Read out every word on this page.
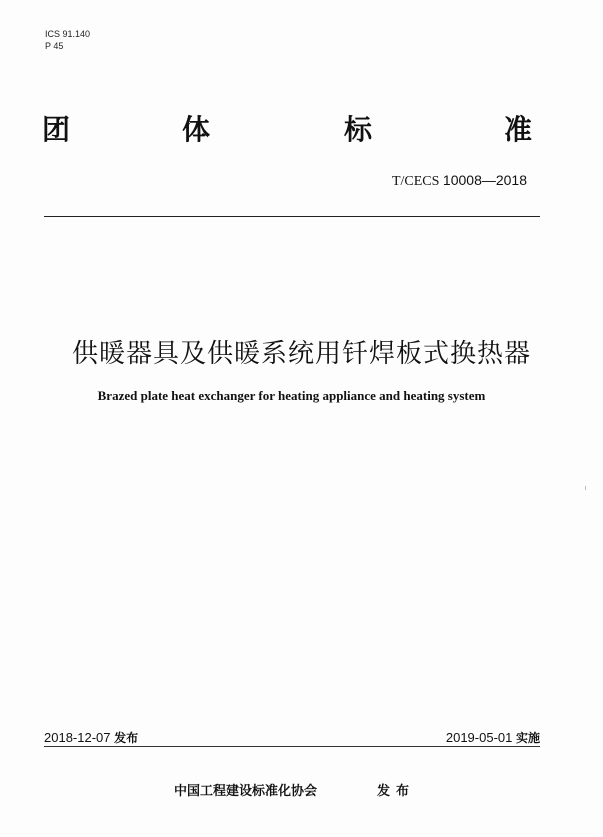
ICS 91.140
P 45
团	体	标	准
T/CECS 10008—2018
供暖器具及供暖系统用钎焊板式换热器
Brazed plate heat exchanger for heating appliance and heating system
2018-12-07 发布	2019-05-01 实施
中国工程建设标准化协会	发布
